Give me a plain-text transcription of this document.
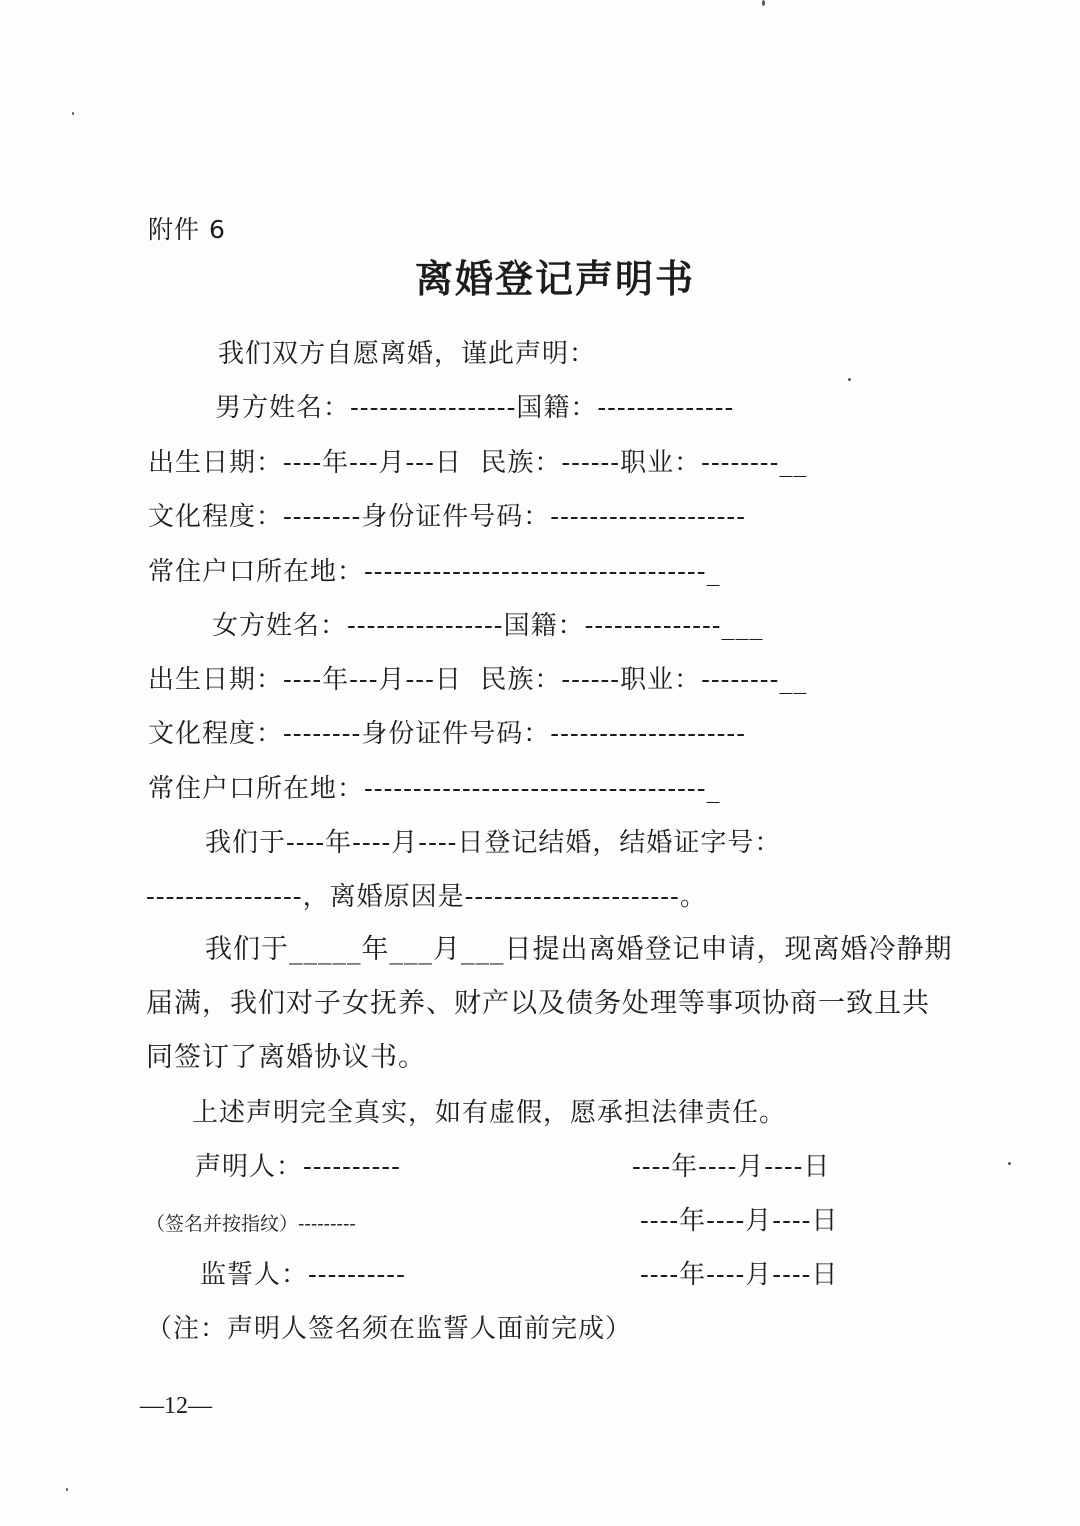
附件 6
离婚登记声明书
我们双方自愿离婚，谨此声明：
男方姓名：-----------------国籍：--------------
出生日期：----年---月---日  民族：------职业：--------__
文化程度：--------身份证件号码：--------------------
常住户口所在地：-----------------------------------_
女方姓名：----------------国籍：--------------___
出生日期：----年---月---日  民族：------职业：--------__
文化程度：--------身份证件号码：--------------------
常住户口所在地：-----------------------------------_
我们于----年----月----日登记结婚，结婚证字号：
----------------，离婚原因是----------------------。
我们于_____年___月___日提出离婚登记申请，现离婚冷静期
届满，我们对子女抚养、财产以及债务处理等事项协商一致且共
同签订了离婚协议书。
上述声明完全真实，如有虚假，愿承担法律责任。
声明人：----------	----年----月----日
（签名并按指纹）---------	----年----月----日
监誓人：----------	----年----月----日
（注：声明人签名须在监誓人面前完成）
—12—
